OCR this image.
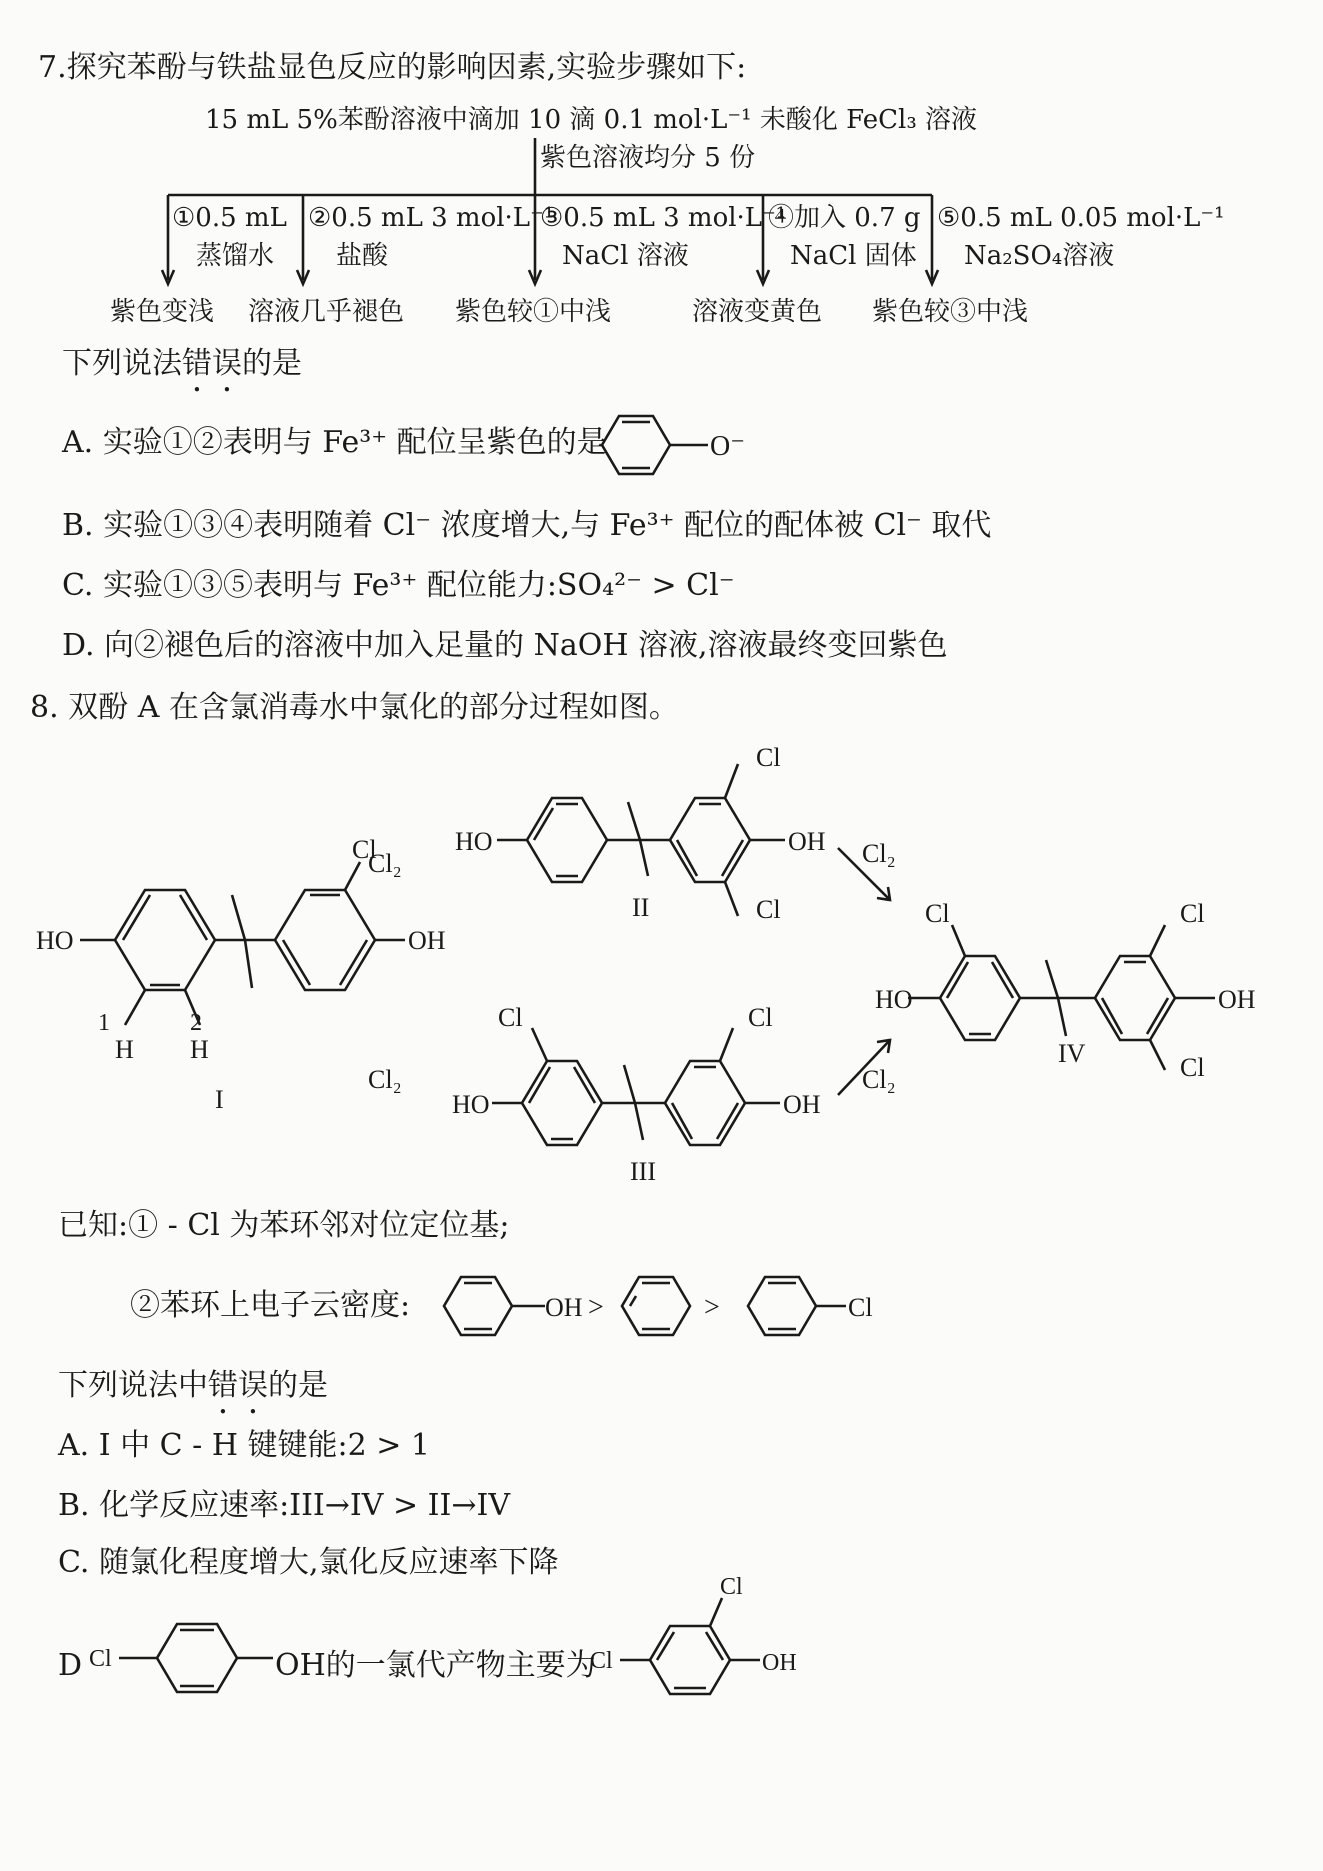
7.探究苯酚与铁盐显色反应的影响因素,实验步骤如下:
15 mL 5%苯酚溶液中滴加 10 滴 0.1 mol·L⁻¹ 未酸化 FeCl₃ 溶液
紫色溶液均分 5 份
①0.5 mL
蒸馏水
紫色变浅
②0.5 mL 3 mol·L⁻¹
盐酸
溶液几乎褪色
③0.5 mL 3 mol·L⁻¹
NaCl 溶液
紫色较①中浅
④加入 0.7 g
NaCl 固体
溶液变黄色
⑤0.5 mL 0.05 mol·L⁻¹
Na₂SO₄溶液
紫色较③中浅
下列说法错误的是
A. 实验①②表明与 Fe³⁺ 配位呈紫色的是	O⁻
B. 实验①③④表明随着 Cl⁻ 浓度增大,与 Fe³⁺ 配位的配体被 Cl⁻ 取代
C. 实验①③⑤表明与 Fe³⁺ 配位能力:SO₄²⁻ > Cl⁻
D. 向②褪色后的溶液中加入足量的 NaOH 溶液,溶液最终变回紫色
8. 双酚 A 在含氯消毒水中氯化的部分过程如图。
HO	OH
Cl
1	2
H H
I
HO	OH
Cl
Cl
II
HO	OH
Cl	Cl
III
HO	OH
Cl	Cl
Cl
IV
Cl₂
Cl₂
Cl₂
Cl₂
已知:① - Cl 为苯环邻对位定位基;
②苯环上电子云密度:	OH >	>	Cl
下列说法中错误的是
A. I 中 C - H 键键能:2 > 1
B. 化学反应速率:III→IV > II→IV
C. 随氯化程度增大,氯化反应速率下降
D Cl	OH的一氯代产物主要为
Cl
Cl
OH
